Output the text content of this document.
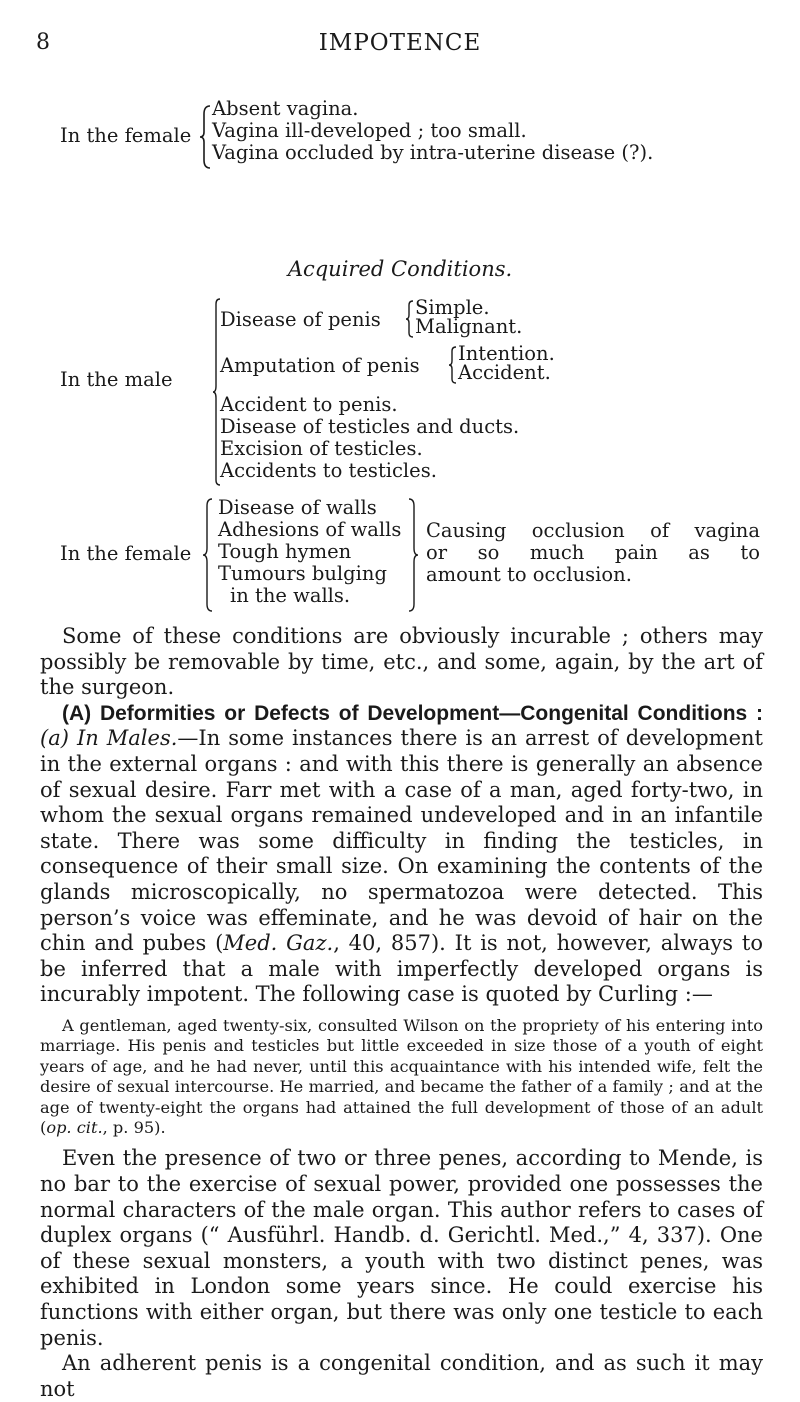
8	IMPOTENCE
In the female
Absent vagina.
Vagina ill-developed ; too small.
Vagina occluded by intra-uterine disease (?).
Acquired Conditions.
In the male
Disease of penis
Simple.
Malignant.
Amputation of penis
Intention.
Accident.
Accident to penis.
Disease of testicles and ducts.
Excision of testicles.
Accidents to testicles.
In the female
Disease of walls
Adhesions of walls
Tough hymen
Tumours bulging
in the walls.
Causing occlusion of vagina
or so much pain as to
amount to occlusion.

Some of these conditions are obviously incurable ; others may possibly be removable by time, etc., and some, again, by the art of the surgeon.

(A) Deformities or Defects of Development—Congenital Conditions : (a) In Males.—In some instances there is an arrest of development in the external organs : and with this there is generally an absence of sexual desire. Farr met with a case of a man, aged forty-two, in whom the sexual organs remained undeveloped and in an infantile state. There was some difficulty in finding the testicles, in consequence of their small size. On examining the contents of the glands microscopically, no spermatozoa were detected. This person’s voice was effeminate, and he was devoid of hair on the chin and pubes (Med. Gaz., 40, 857). It is not, however, always to be inferred that a male with imperfectly developed organs is incurably impotent. The following case is quoted by Curling :—

A gentleman, aged twenty-six, consulted Wilson on the propriety of his entering into marriage. His penis and testicles but little exceeded in size those of a youth of eight years of age, and he had never, until this acquaintance with his intended wife, felt the desire of sexual intercourse. He married, and became the father of a family ; and at the age of twenty-eight the organs had attained the full development of those of an adult (op. cit., p. 95).

Even the presence of two or three penes, according to Mende, is no bar to the exercise of sexual power, provided one possesses the normal characters of the male organ. This author refers to cases of duplex organs (“ Ausführl. Handb. d. Gerichtl. Med.,” 4, 337). One of these sexual monsters, a youth with two distinct penes, was exhibited in London some years since. He could exercise his functions with either organ, but there was only one testicle to each penis.

An adherent penis is a congenital condition, and as such it may not
